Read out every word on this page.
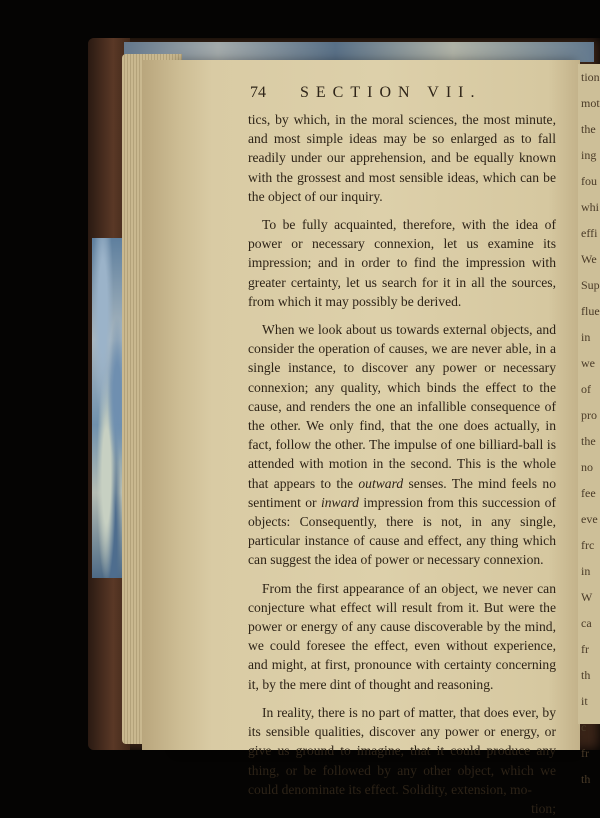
tion
mot
the
ing
fou
whi
effi
We
Sup
flue
in
we
of
pro
the
no
fee
eve
frc
in
W
ca
fr
th
it
c
fr
th
74 SECTION VII.

tics, by which, in the moral sciences, the most minute, and most simple ideas may be so enlarged as to fall readily under our apprehension, and be equally known with the grossest and most sensible ideas, which can be the object of our inquiry.

To be fully acquainted, therefore, with the idea of power or necessary connexion, let us examine its impression; and in order to find the impression with greater certainty, let us search for it in all the sources, from which it may possibly be derived.

When we look about us towards external objects, and consider the operation of causes, we are never able, in a single instance, to discover any power or necessary connexion; any quality, which binds the effect to the cause, and renders the one an infallible consequence of the other. We only find, that the one does actually, in fact, follow the other. The impulse of one billiard-ball is attended with motion in the second. This is the whole that appears to the outward senses. The mind feels no sentiment or inward impression from this succession of objects: Consequently, there is not, in any single, particular instance of cause and effect, any thing which can suggest the idea of power or necessary connexion.

From the first appearance of an object, we never can conjecture what effect will result from it. But were the power or energy of any cause discoverable by the mind, we could foresee the effect, even without experience, and might, at first, pronounce with certainty concerning it, by the mere dint of thought and reasoning.

In reality, there is no part of matter, that does ever, by its sensible qualities, discover any power or energy, or give us ground to imagine, that it could produce any thing, or be followed by any other object, which we could denominate its effect. Solidity, extension, mo-

tion;
